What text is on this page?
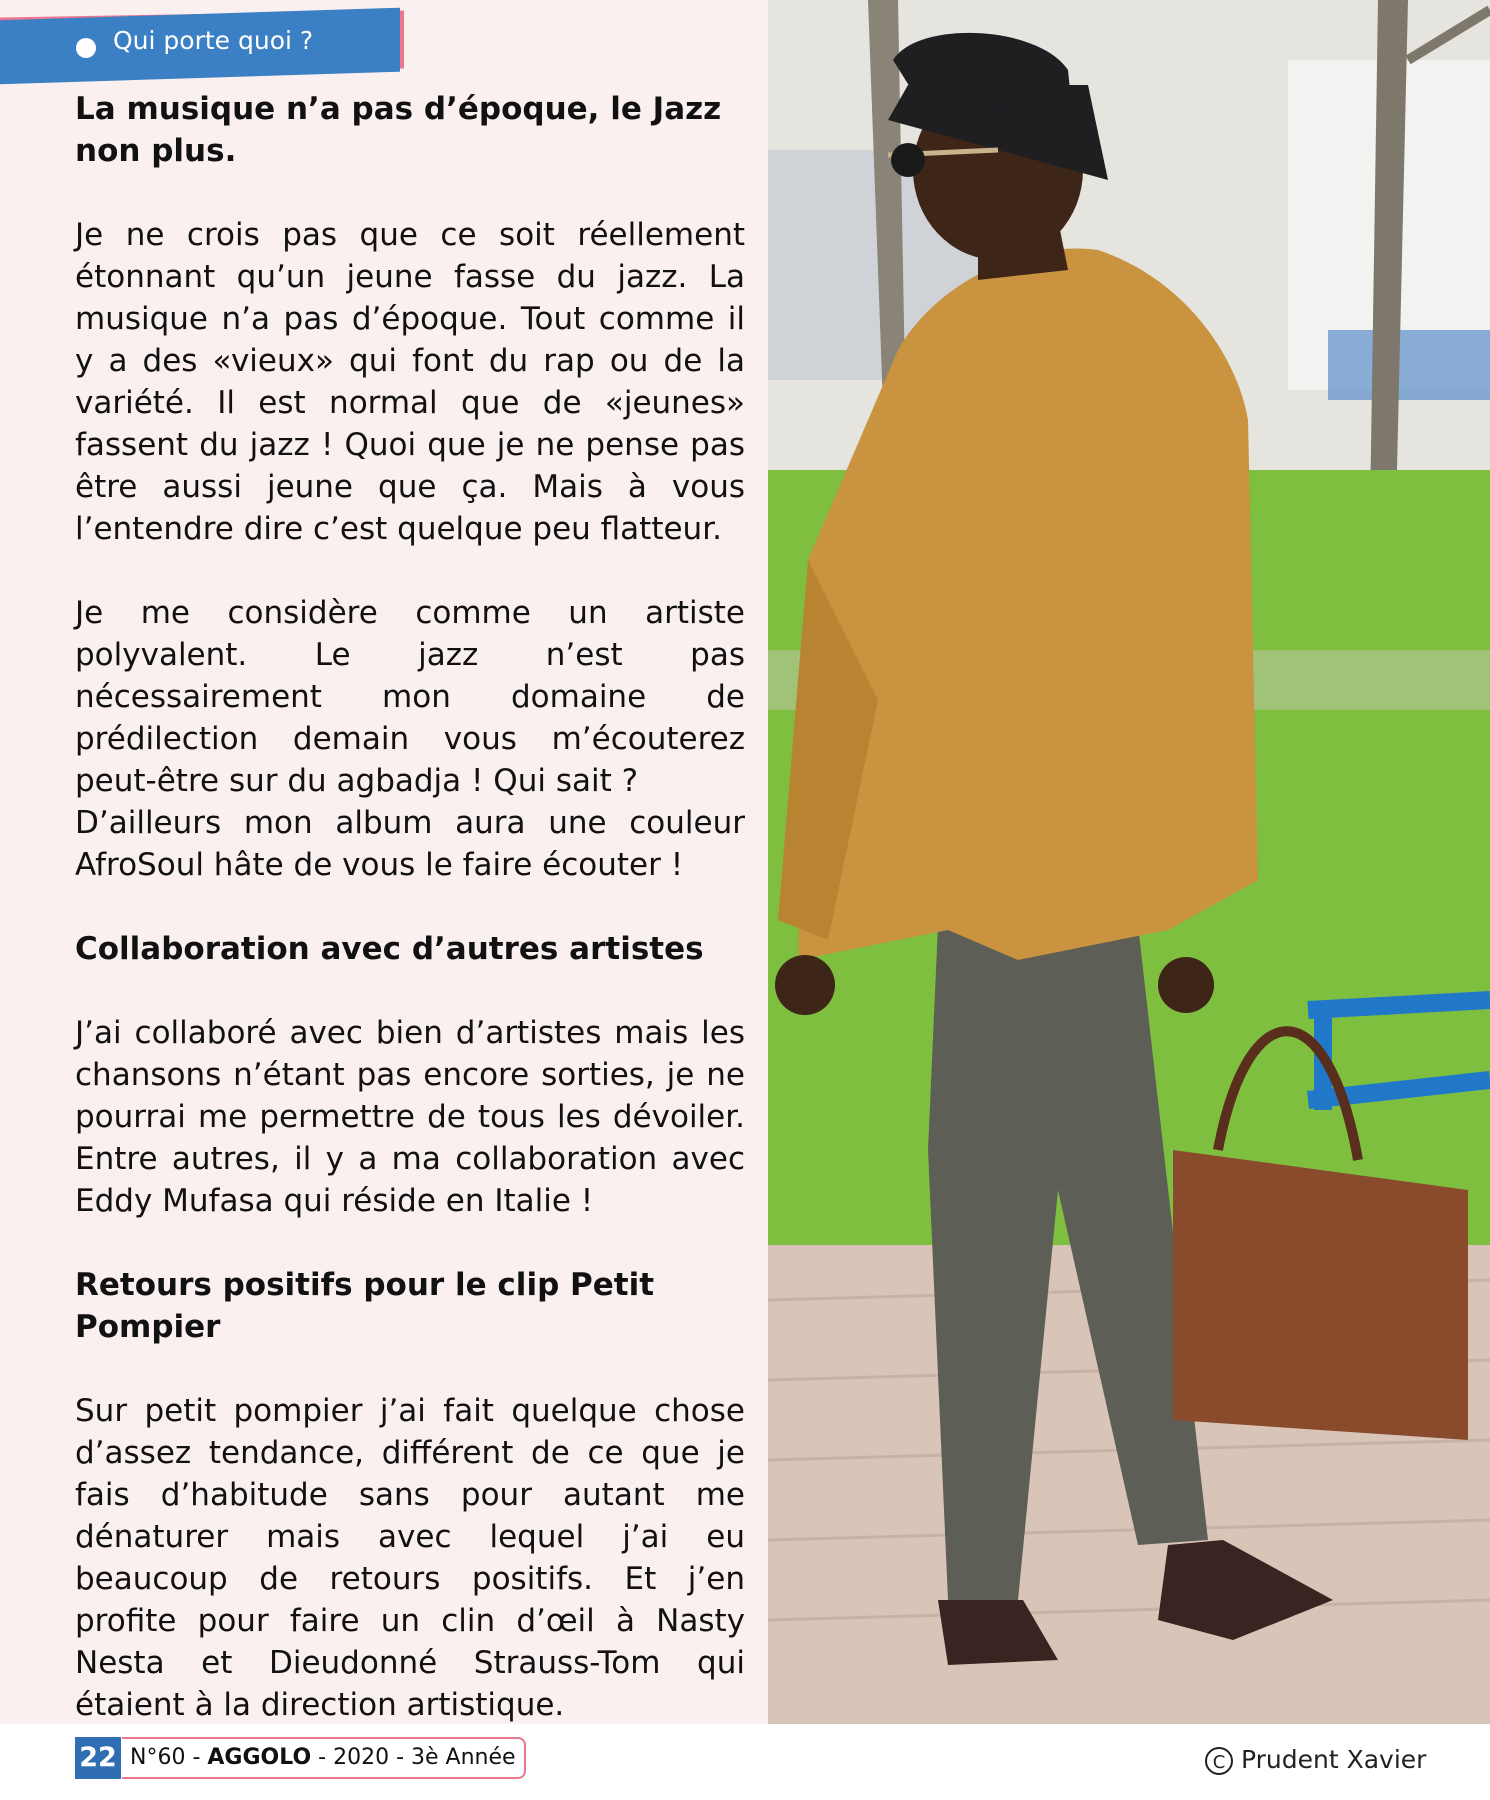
Qui porte quoi ?

La musique n’a pas d’époque, le Jazz non plus.

Je ne crois pas que ce soit réellement étonnant qu’un jeune fasse du jazz. La musique n’a pas d’époque. Tout comme il y a des «vieux» qui font du rap ou de la variété. Il est normal que de «jeunes» fassent du jazz ! Quoi que je ne pense pas être aussi jeune que ça. Mais à vous l’entendre dire c’est quelque peu flatteur.

Je me considère comme un artiste polyvalent. Le jazz n’est pas nécessairement mon domaine de prédilection demain vous m’écouterez peut-être sur du agbadja ! Qui sait ?

D’ailleurs mon album aura une couleur AfroSoul hâte de vous le faire écouter !

Collaboration avec d’autres artistes

J’ai collaboré avec bien d’artistes mais les chansons n’étant pas encore sorties, je ne pourrai me permettre de tous les dévoiler. Entre autres, il y a ma collaboration avec Eddy Mufasa qui réside en Italie !

Retours positifs pour le clip Petit Pompier

Sur petit pompier j’ai fait quelque chose d’assez tendance, différent de ce que je fais d’habitude sans pour autant me dénaturer mais avec lequel j’ai eu beaucoup de retours positifs. Et j’en profite pour faire un clin d’œil à Nasty Nesta et Dieudonné Strauss-Tom qui étaient à la direction artistique.

22 N°60 - AGGOLO - 2020 - 3è Année	C Prudent Xavier
